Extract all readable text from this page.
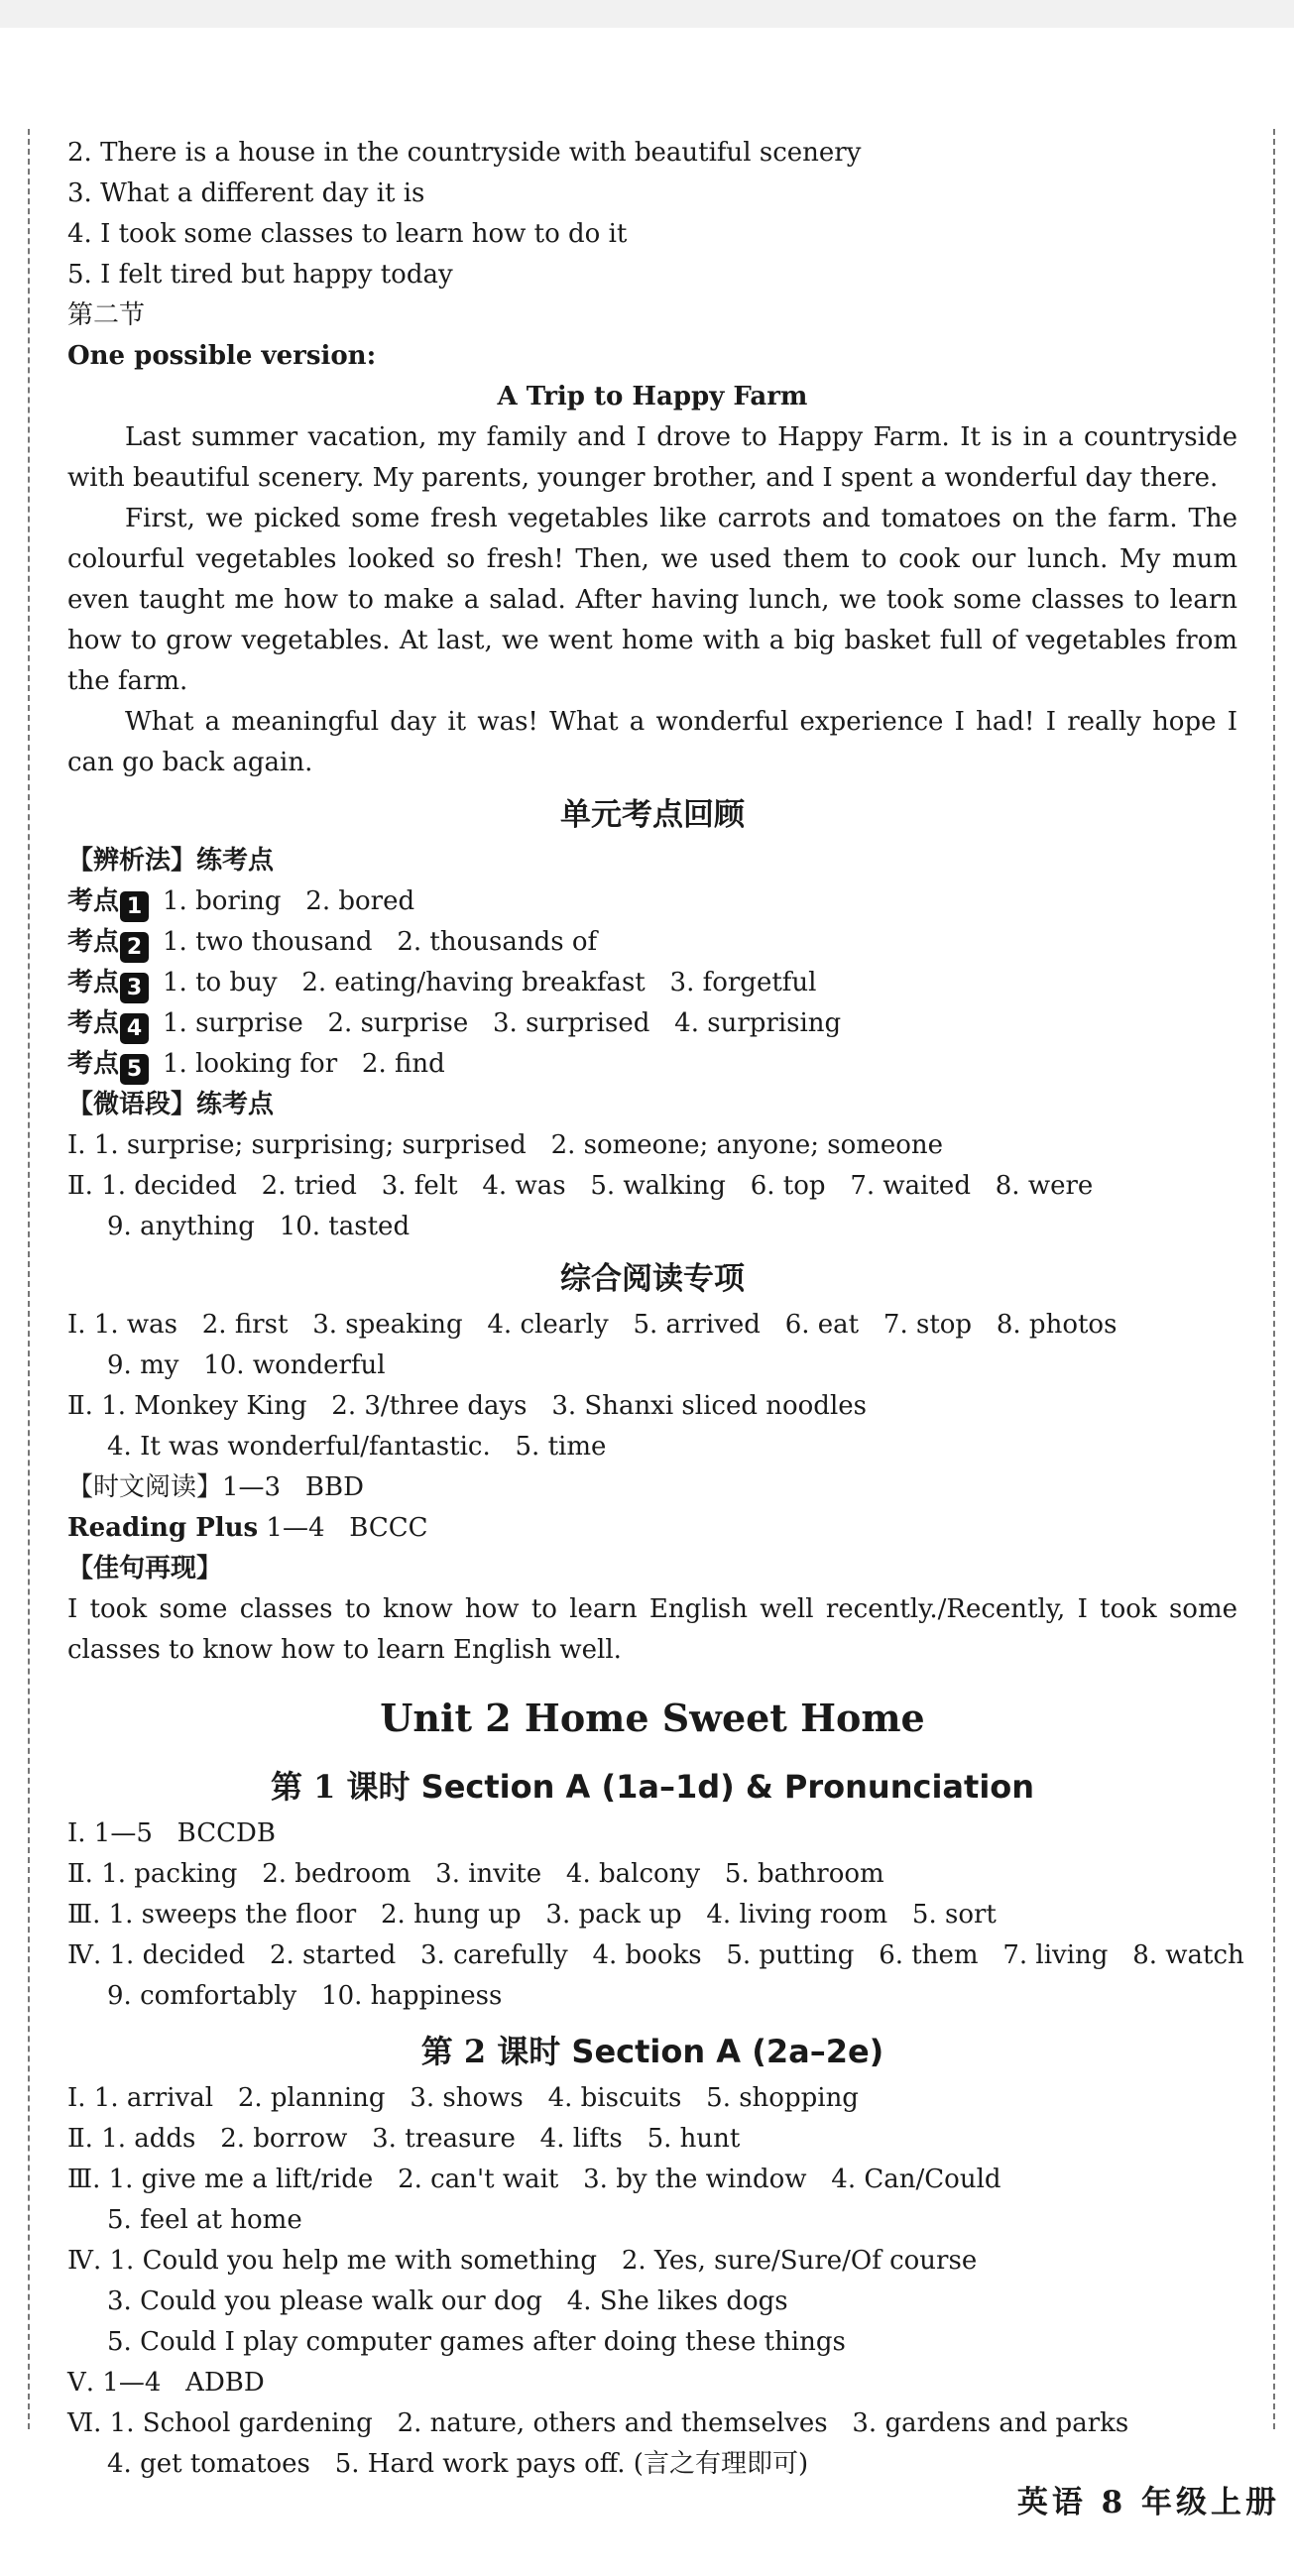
2. There is a house in the countryside with beautiful scenery
3. What a different day it is
4. I took some classes to learn how to do it
5. I felt tired but happy today
第二节
One possible version:
A Trip to Happy Farm
Last summer vacation, my family and I drove to Happy Farm. It is in a countryside with beautiful scenery. My parents, younger brother, and I spent a wonderful day there.
First, we picked some fresh vegetables like carrots and tomatoes on the farm. The colourful vegetables looked so fresh! Then, we used them to cook our lunch. My mum even taught me how to make a salad. After having lunch, we took some classes to learn how to grow vegetables. At last, we went home with a big basket full of vegetables from the farm.
What a meaningful day it was! What a wonderful experience I had! I really hope I can go back again.
单元考点回顾
【辨析法】练考点
考点 1 1. boring   2. bored
考点 2 1. two thousand   2. thousands of
考点 3 1. to buy   2. eating/having breakfast   3. forgetful
考点 4 1. surprise   2. surprise   3. surprised   4. surprising
考点 5 1. looking for   2. find
【微语段】练考点
Ⅰ. 1. surprise; surprising; surprised   2. someone; anyone; someone
Ⅱ. 1. decided   2. tried   3. felt   4. was   5. walking   6. top   7. waited   8. were
9. anything   10. tasted
综合阅读专项
Ⅰ. 1. was   2. first   3. speaking   4. clearly   5. arrived   6. eat   7. stop   8. photos
9. my   10. wonderful
Ⅱ. 1. Monkey King   2. 3/three days   3. Shanxi sliced noodles
4. It was wonderful/fantastic.   5. time
【时文阅读】1—3   BBD
Reading Plus 1—4   BCCC
【佳句再现】
I took some classes to know how to learn English well recently./Recently, I took some classes to know how to learn English well.
Unit 2 Home Sweet Home
第 1 课时 Section A (1a–1d) & Pronunciation
Ⅰ. 1—5   BCCDB
Ⅱ. 1. packing   2. bedroom   3. invite   4. balcony   5. bathroom
Ⅲ. 1. sweeps the floor   2. hung up   3. pack up   4. living room   5. sort
Ⅳ. 1. decided   2. started   3. carefully   4. books   5. putting   6. them   7. living   8. watch
9. comfortably   10. happiness
第 2 课时 Section A (2a–2e)
Ⅰ. 1. arrival   2. planning   3. shows   4. biscuits   5. shopping
Ⅱ. 1. adds   2. borrow   3. treasure   4. lifts   5. hunt
Ⅲ. 1. give me a lift/ride   2. can't wait   3. by the window   4. Can/Could
5. feel at home
Ⅳ. 1. Could you help me with something   2. Yes, sure/Sure/Of course
3. Could you please walk our dog   4. She likes dogs
5. Could I play computer games after doing these things
Ⅴ. 1—4   ADBD
Ⅵ. 1. School gardening   2. nature, others and themselves   3. gardens and parks
4. get tomatoes   5. Hard work pays off. (言之有理即可)
英语 8 年级上册
